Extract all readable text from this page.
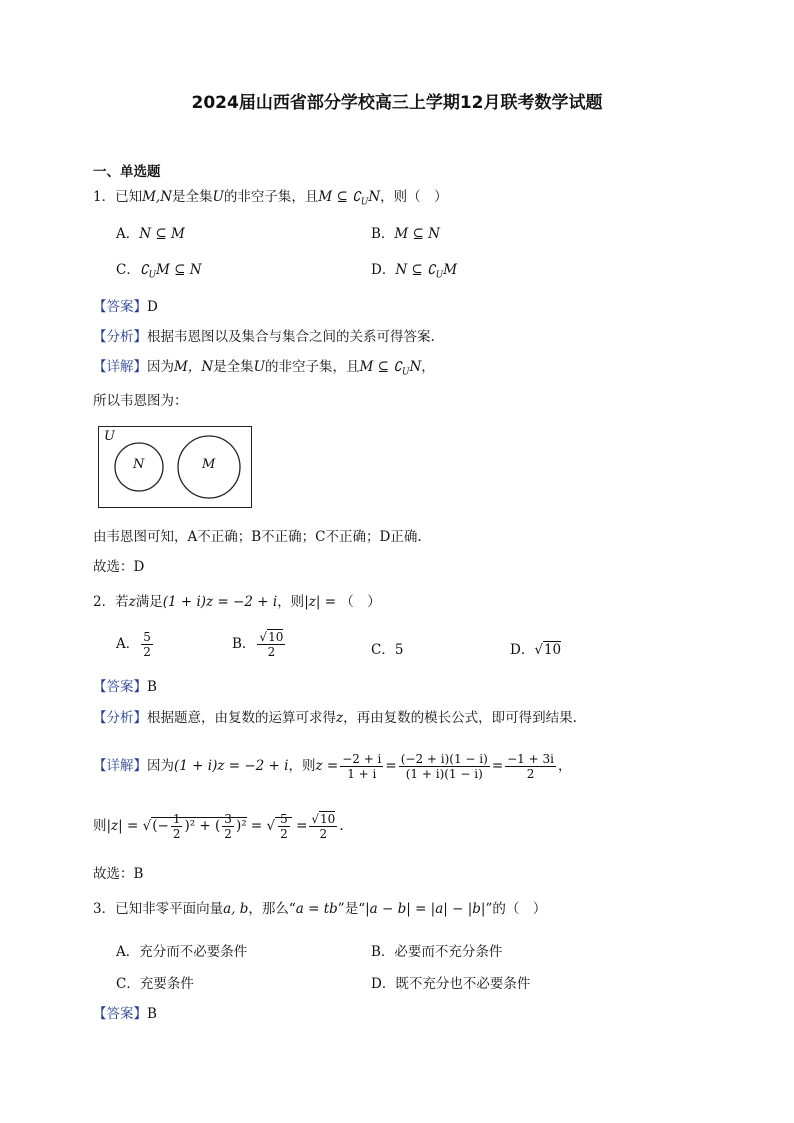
2024届山西省部分学校高三上学期12月联考数学试题
一、单选题
1．已知M,N是全集U的非空子集，且M ⊆ $∁_UN$，则（　）
A．N ⊆ M	B．M ⊆ N
C．$∁_UM$ ⊆ N	D．N ⊆ $∁_UM$
【答案】D
【分析】根据韦恩图以及集合与集合之间的关系可得答案.
【详解】因为M，N是全集U的非空子集，且M ⊆ $∁_UN$，
所以韦恩图为：
U
N	M
由韦恩图可知，A不正确；B不正确；C不正确；D正确.
故选：D
2．若z满足(1 + i)z = −2 + i，则|z| = （　）
A． $\frac{5}{2}$	B． $\frac{√10}{2}$	C．5	D．√10
【答案】B
【分析】根据题意，由复数的运算可求得z，再由复数的模长公式，即可得到结果.
【详解】因为(1 + i)z = −2 + i，则$z = \frac{-2 + i}{1 + i} = \frac{(-2 + i)(1 - i)}{(1 + i)(1 - i)} = \frac{-1 + 3i}{2}$ ，
则|z| = √(− $\frac{1}{2} )^2$ + ( $\frac{3}{2} )^2$ = √ $\frac{5}{2} = \frac{√10}{2}$ .
故选：B
3．已知非零平面向量a, b，那么“a = tb”是“|a − b| = |a| − |b|”的（　）
A．充分而不必要条件	B．必要而不充分条件
C．充要条件	D．既不充分也不必要条件
【答案】B
